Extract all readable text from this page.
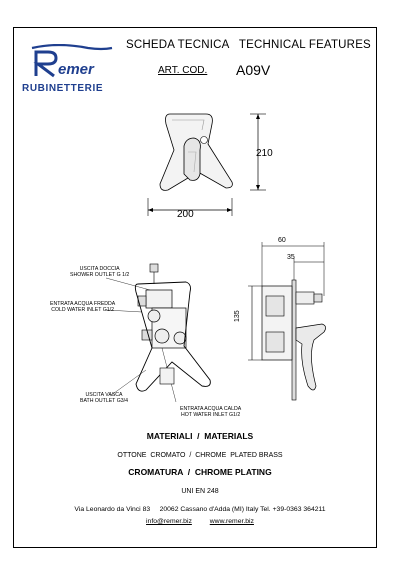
emer
RUBINETTERIE
SCHEDA TECNICA   TECHNICAL FEATURES
ART. COD. A09V
210
200
USCITA DOCCIA
SHOWER OUTLET G 1/2
ENTRATA ACQUA FREDDA
COLD WATER INLET G1/2
USCITA VASCA
BATH OUTLET G3/4
ENTRATA ACQUA CALDA
HOT WATER INLET G1/2
60
35
135
MATERIALI  /  MATERIALS
OTTONE  CROMATO  /  CHROME  PLATED BRASS
CROMATURA  /  CHROME PLATING
UNI EN 248
Via Leonardo da Vinci 83     20062 Cassano d'Adda (MI) Italy Tel. +39-0363 364211
info@remer.biz	www.remer.biz
